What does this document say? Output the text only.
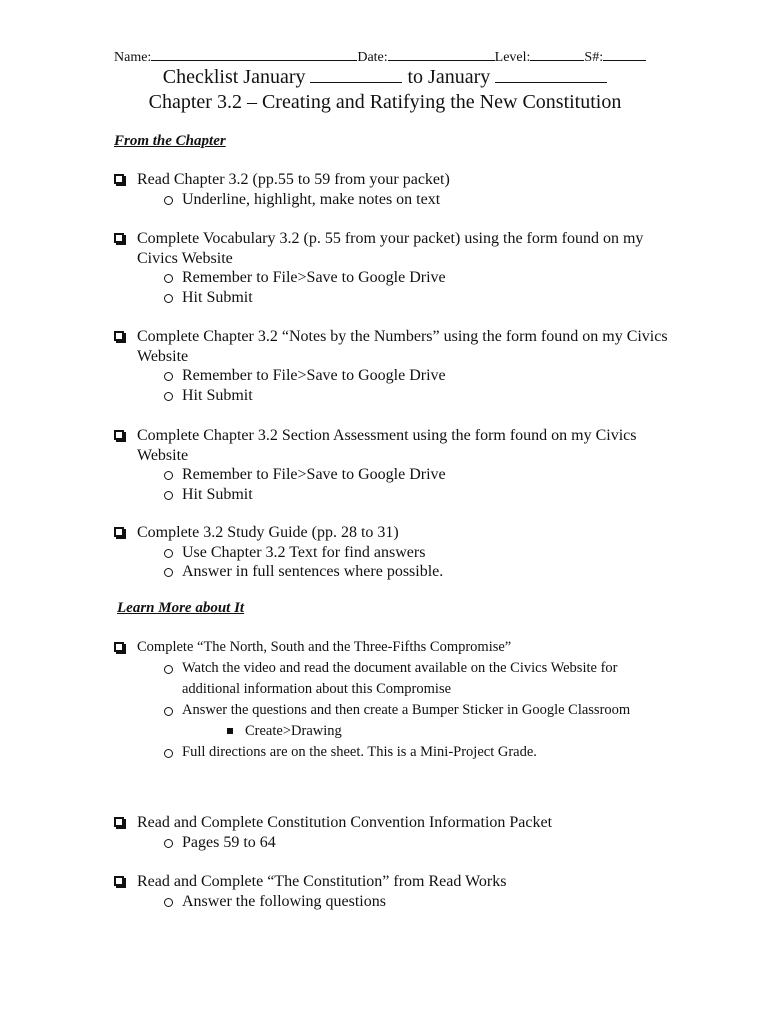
Name:	Date:	Level:	S#:
Checklist January	to January
Chapter 3.2 – Creating and Ratifying the New Constitution
From the Chapter
Read Chapter 3.2 (pp.55 to 59 from your packet)
Underline, highlight, make notes on text
Complete Vocabulary 3.2 (p. 55 from your packet) using the form found on my Civics Website
Remember to File>Save to Google Drive
Hit Submit
Complete Chapter 3.2 “Notes by the Numbers” using the form found on my Civics Website
Remember to File>Save to Google Drive
Hit Submit
Complete Chapter 3.2 Section Assessment using the form found on my Civics Website
Remember to File>Save to Google Drive
Hit Submit
Complete 3.2 Study Guide (pp. 28 to 31)
Use Chapter 3.2 Text for find answers
Answer in full sentences where possible.
Learn More about It
Complete “The North, South and the Three-Fifths Compromise”
Watch the video and read the document available on the Civics Website for additional information about this Compromise
Answer the questions and then create a Bumper Sticker in Google Classroom
Create>Drawing
Full directions are on the sheet. This is a Mini-Project Grade.
Read and Complete Constitution Convention Information Packet
Pages 59 to 64
Read and Complete “The Constitution” from Read Works
Answer the following questions
